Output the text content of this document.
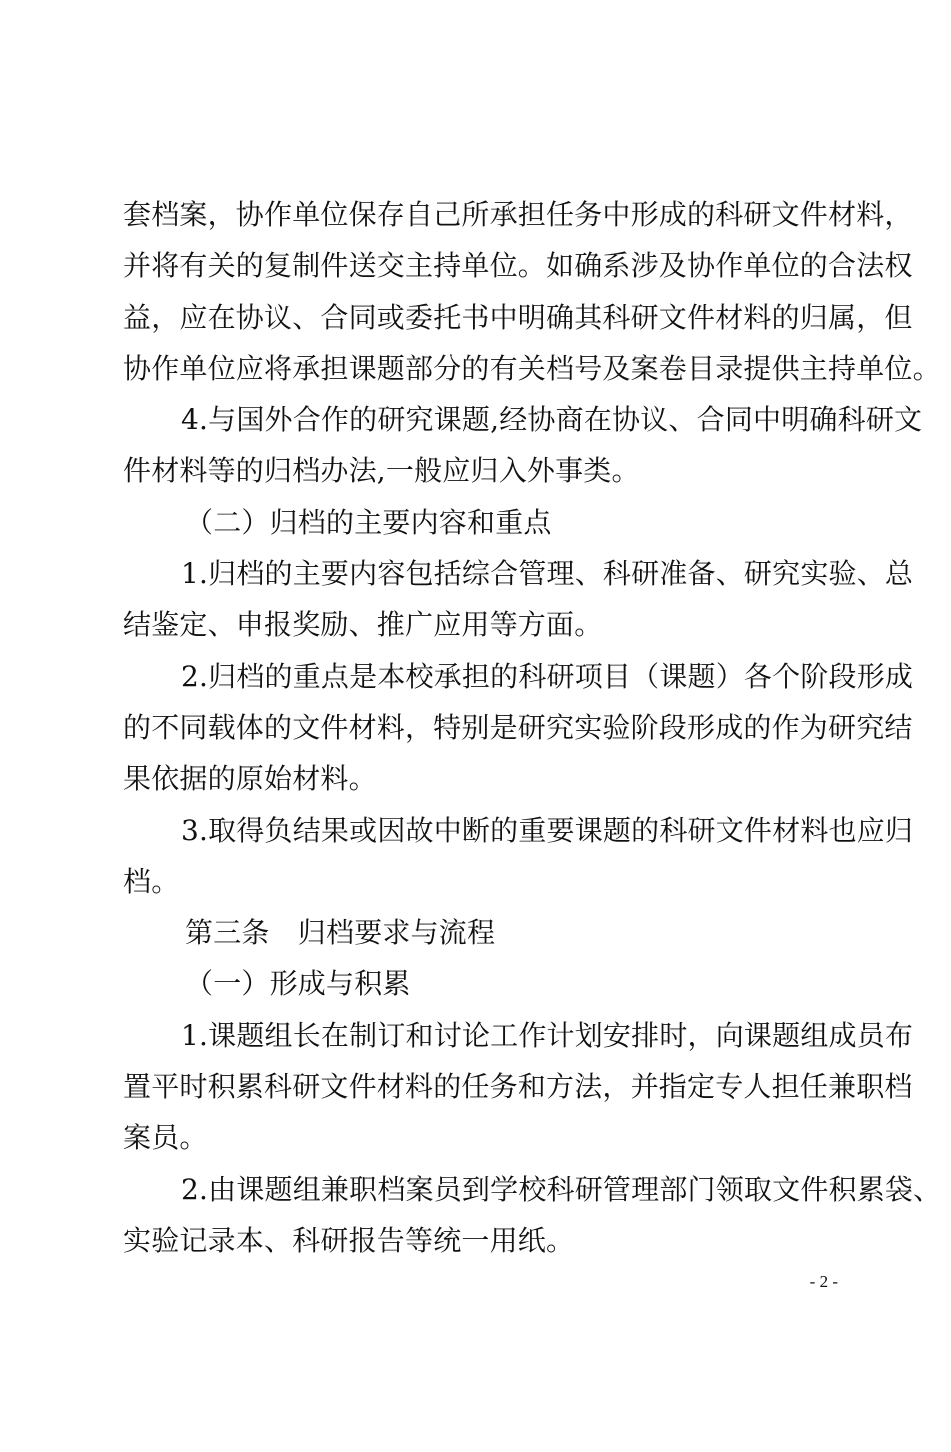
套档案，协作单位保存自己所承担任务中形成的科研文件材料，
并将有关的复制件送交主持单位。如确系涉及协作单位的合法权
益，应在协议、合同或委托书中明确其科研文件材料的归属，但
协作单位应将承担课题部分的有关档号及案卷目录提供主持单位。

4.与国外合作的研究课题,经协商在协议、合同中明确科研文
件材料等的归档办法,一般应归入外事类。

（二）归档的主要内容和重点

1.归档的主要内容包括综合管理、科研准备、研究实验、总
结鉴定、申报奖励、推广应用等方面。

2.归档的重点是本校承担的科研项目（课题）各个阶段形成
的不同载体的文件材料，特别是研究实验阶段形成的作为研究结
果依据的原始材料。

3.取得负结果或因故中断的重要课题的科研文件材料也应归
档。

第三条　归档要求与流程

（一）形成与积累

1.课题组长在制订和讨论工作计划安排时，向课题组成员布
置平时积累科研文件材料的任务和方法，并指定专人担任兼职档
案员。

2.由课题组兼职档案员到学校科研管理部门领取文件积累袋、
实验记录本、科研报告等统一用纸。

- 2 -
